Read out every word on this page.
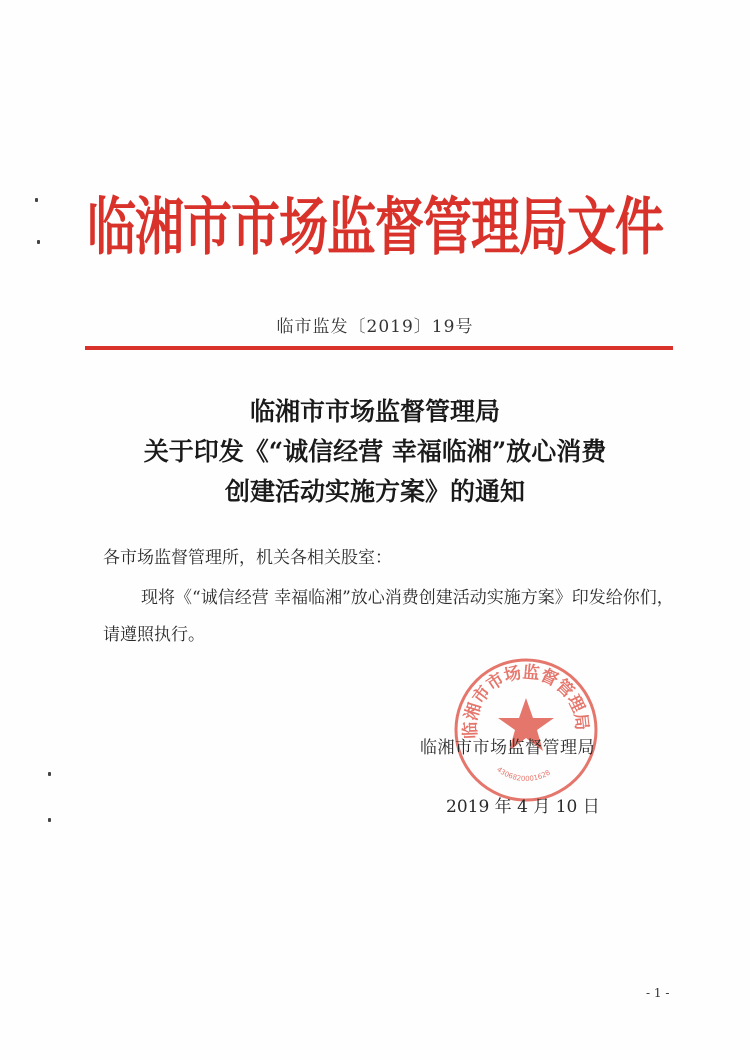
临湘市市场监督管理局文件
临市监发〔2019〕19号
临湘市市场监督管理局
关于印发《“诚信经营 幸福临湘”放心消费
创建活动实施方案》的通知
各市场监督管理所，机关各相关股室：
现将《“诚信经营 幸福临湘”放心消费创建活动实施方案》印发给你们，请遵照执行。
临湘市市场监督管理局
4306820001628
临湘市市场监督管理局
2019 年 4 月 10 日
- 1 -
